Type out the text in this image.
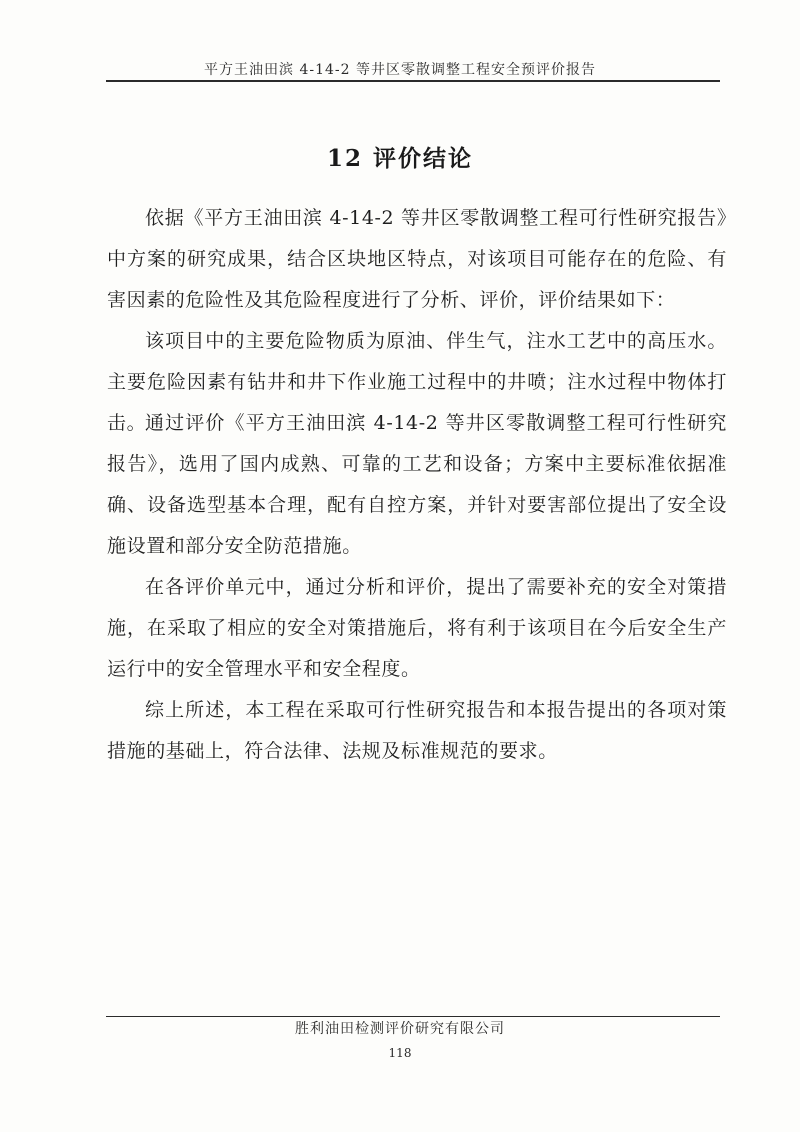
平方王油田滨 4-14-2 等井区零散调整工程安全预评价报告
12 评价结论

依据《平方王油田滨 4-14-2 等井区零散调整工程可行性研究报告》中方案的研究成果，结合区块地区特点，对该项目可能存在的危险、有害因素的危险性及其危险程度进行了分析、评价，评价结果如下：

该项目中的主要危险物质为原油、伴生气，注水工艺中的高压水。主要危险因素有钻井和井下作业施工过程中的井喷；注水过程中物体打击。

通过评价《平方王油田滨 4-14-2 等井区零散调整工程可行性研究报告》，选用了国内成熟、可靠的工艺和设备；方案中主要标准依据准确、设备选型基本合理，配有自控方案，并针对要害部位提出了安全设施设置和部分安全防范措施。

在各评价单元中，通过分析和评价，提出了需要补充的安全对策措施，在采取了相应的安全对策措施后，将有利于该项目在今后安全生产运行中的安全管理水平和安全程度。

综上所述，本工程在采取可行性研究报告和本报告提出的各项对策措施的基础上，符合法律、法规及标准规范的要求。

胜利油田检测评价研究有限公司
118
